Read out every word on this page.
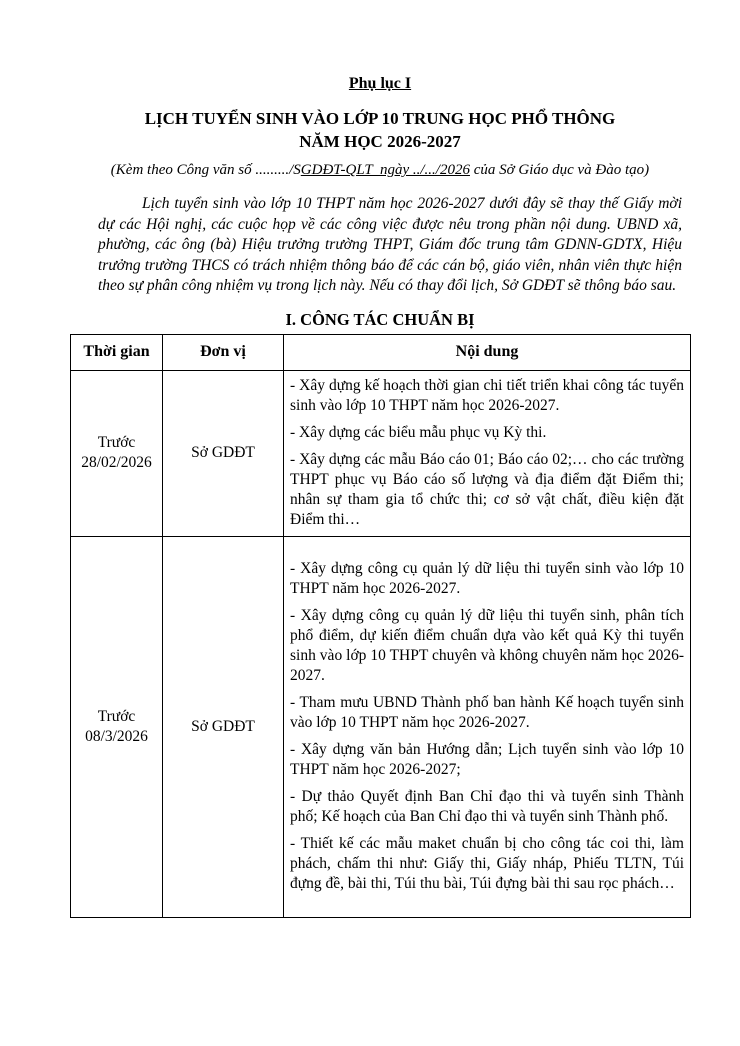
Phụ lục I
LỊCH TUYỂN SINH VÀO LỚP 10 TRUNG HỌC PHỔ THÔNG
NĂM HỌC 2026-2027
(Kèm theo Công văn số ........./SGDĐT-QLT  ngày ../.../2026 của Sở Giáo dục và Đào tạo)

Lịch tuyển sinh vào lớp 10 THPT năm học 2026-2027 dưới đây sẽ thay thế Giấy mời dự các Hội nghị, các cuộc họp về các công việc được nêu trong phần nội dung. UBND xã, phường, các ông (bà) Hiệu trưởng trường THPT, Giám đốc trung tâm GDNN-GDTX, Hiệu trưởng trường THCS có trách nhiệm thông báo để các cán bộ, giáo viên, nhân viên thực hiện theo sự phân công nhiệm vụ trong lịch này. Nếu có thay đổi lịch, Sở GDĐT sẽ thông báo sau.

I. CÔNG TÁC CHUẨN BỊ
Thời gian	Đơn vị	Nội dung
Trước 28/02/2026	Sở GDĐT	- Xây dựng kế hoạch thời gian chi tiết triển khai công tác tuyển sinh vào lớp 10 THPT năm học 2026-2027.

- Xây dựng các biểu mẫu phục vụ Kỳ thi.

- Xây dựng các mẫu Báo cáo 01; Báo cáo 02;… cho các trường THPT phục vụ Báo cáo số lượng và địa điểm đặt Điểm thi; nhân sự tham gia tổ chức thi; cơ sở vật chất, điều kiện đặt Điểm thi…

Trước 08/3/2026	Sở GDĐT	

- Xây dựng công cụ quản lý dữ liệu thi tuyển sinh vào lớp 10 THPT năm học 2026-2027.

- Xây dựng công cụ quản lý dữ liệu thi tuyển sinh, phân tích phổ điểm, dự kiến điểm chuẩn dựa vào kết quả Kỳ thi tuyển sinh vào lớp 10 THPT chuyên và không chuyên năm học 2026-2027.

- Tham mưu UBND Thành phố ban hành Kế hoạch tuyển sinh vào lớp 10 THPT năm học 2026-2027.

- Xây dựng văn bản Hướng dẫn; Lịch tuyển sinh vào lớp 10 THPT năm học 2026-2027;

- Dự thảo Quyết định Ban Chỉ đạo thi và tuyển sinh Thành phố; Kế hoạch của Ban Chỉ đạo thi và tuyển sinh Thành phố.

- Thiết kế các mẫu maket chuẩn bị cho công tác coi thi, làm phách, chấm thi như: Giấy thi, Giấy nháp, Phiếu TLTN, Túi đựng đề, bài thi, Túi thu bài, Túi đựng bài thi sau rọc phách…
